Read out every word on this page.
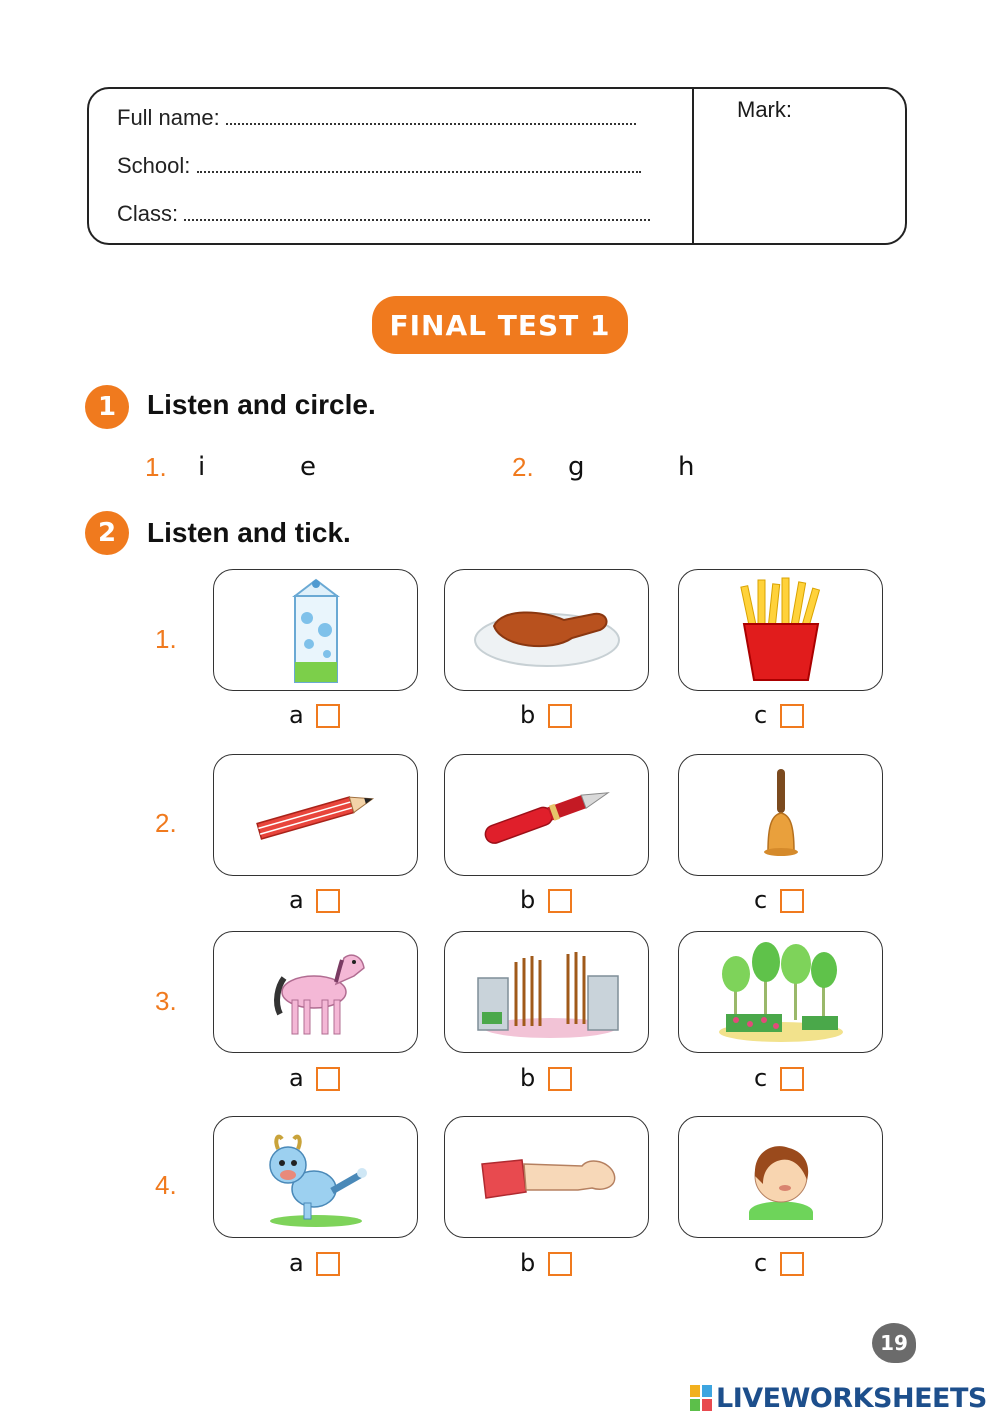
Full name:
School:
Class:
Mark:
FINAL TEST 1
1	Listen and circle.
1. i	e	2. g	h
2	Listen and tick.
1.
2.
3.
4.
a	b	c
a	b	c
a	b	c
a	b	c
19
LIVEWORKSHEETS
